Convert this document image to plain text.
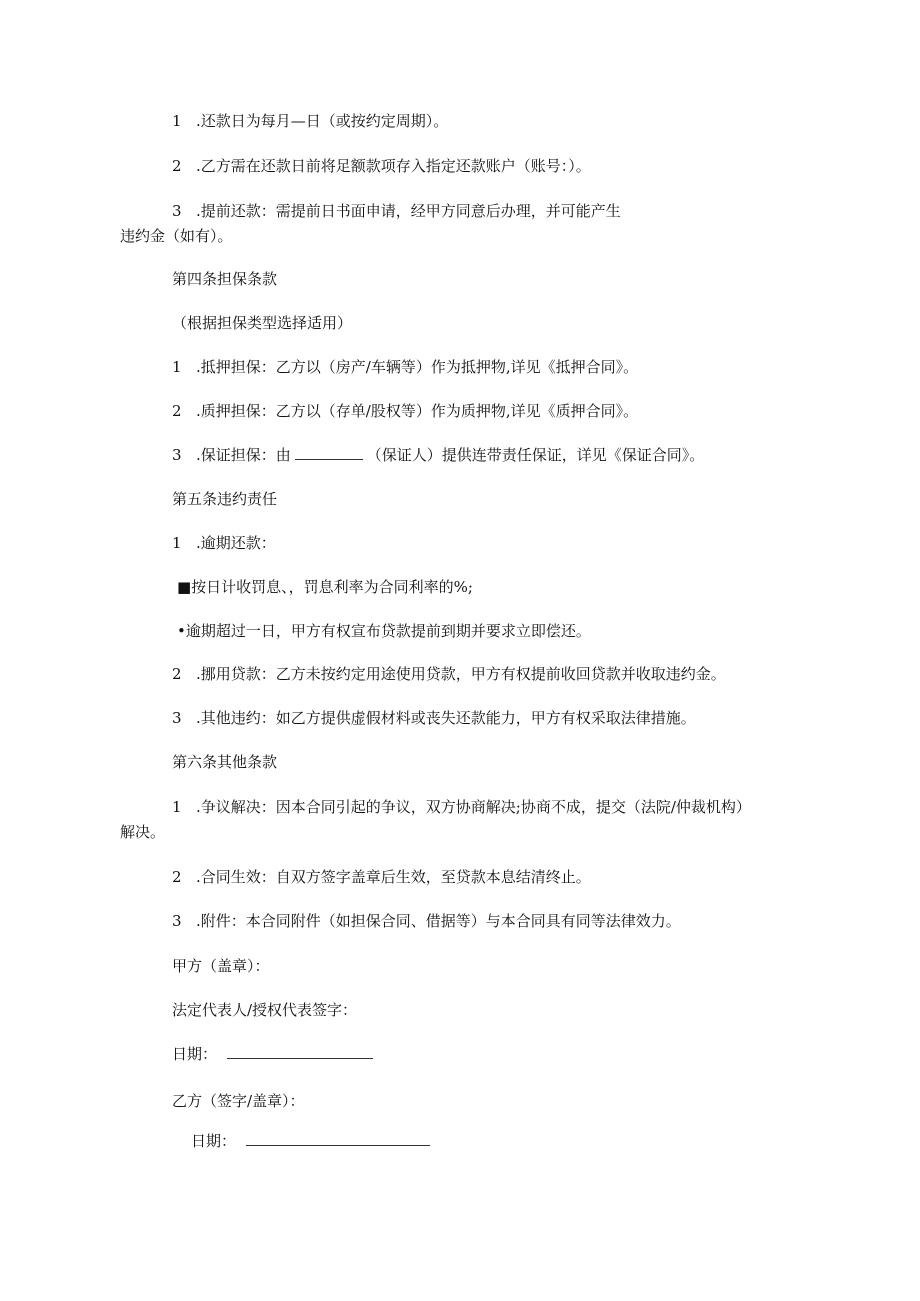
1 .还款日为每月—日（或按约定周期）。
2 .乙方需在还款日前将足额款项存入指定还款账户（账号：）。
3 .提前还款：需提前日书面申请，经甲方同意后办理，并可能产生
违约金（如有）。
第四条担保条款
（根据担保类型选择适用）
1 .抵押担保：乙方以（房产/车辆等）作为抵押物,详见《抵押合同》。
2 .质押担保：乙方以（存单/股权等）作为质押物,详见《质押合同》。
3 .保证担保：由	（保证人）提供连带责任保证，详见《保证合同》。
第五条违约责任
1 .逾期还款：
■按日计收罚息、，罚息利率为合同利率的%;
•逾期超过一日，甲方有权宣布贷款提前到期并要求立即偿还。
2 .挪用贷款：乙方未按约定用途使用贷款，甲方有权提前收回贷款并收取违约金。
3 .其他违约：如乙方提供虚假材料或丧失还款能力，甲方有权采取法律措施。
第六条其他条款
1 .争议解决：因本合同引起的争议，双方协商解决;协商不成，提交（法院/仲裁机构）
解决。
2 .合同生效：自双方签字盖章后生效，至贷款本息结清终止。
3 .附件：本合同附件（如担保合同、借据等）与本合同具有同等法律效力。
甲方（盖章）：
法定代表人/授权代表签字：
日期：
乙方（签字/盖章）：
日期：
